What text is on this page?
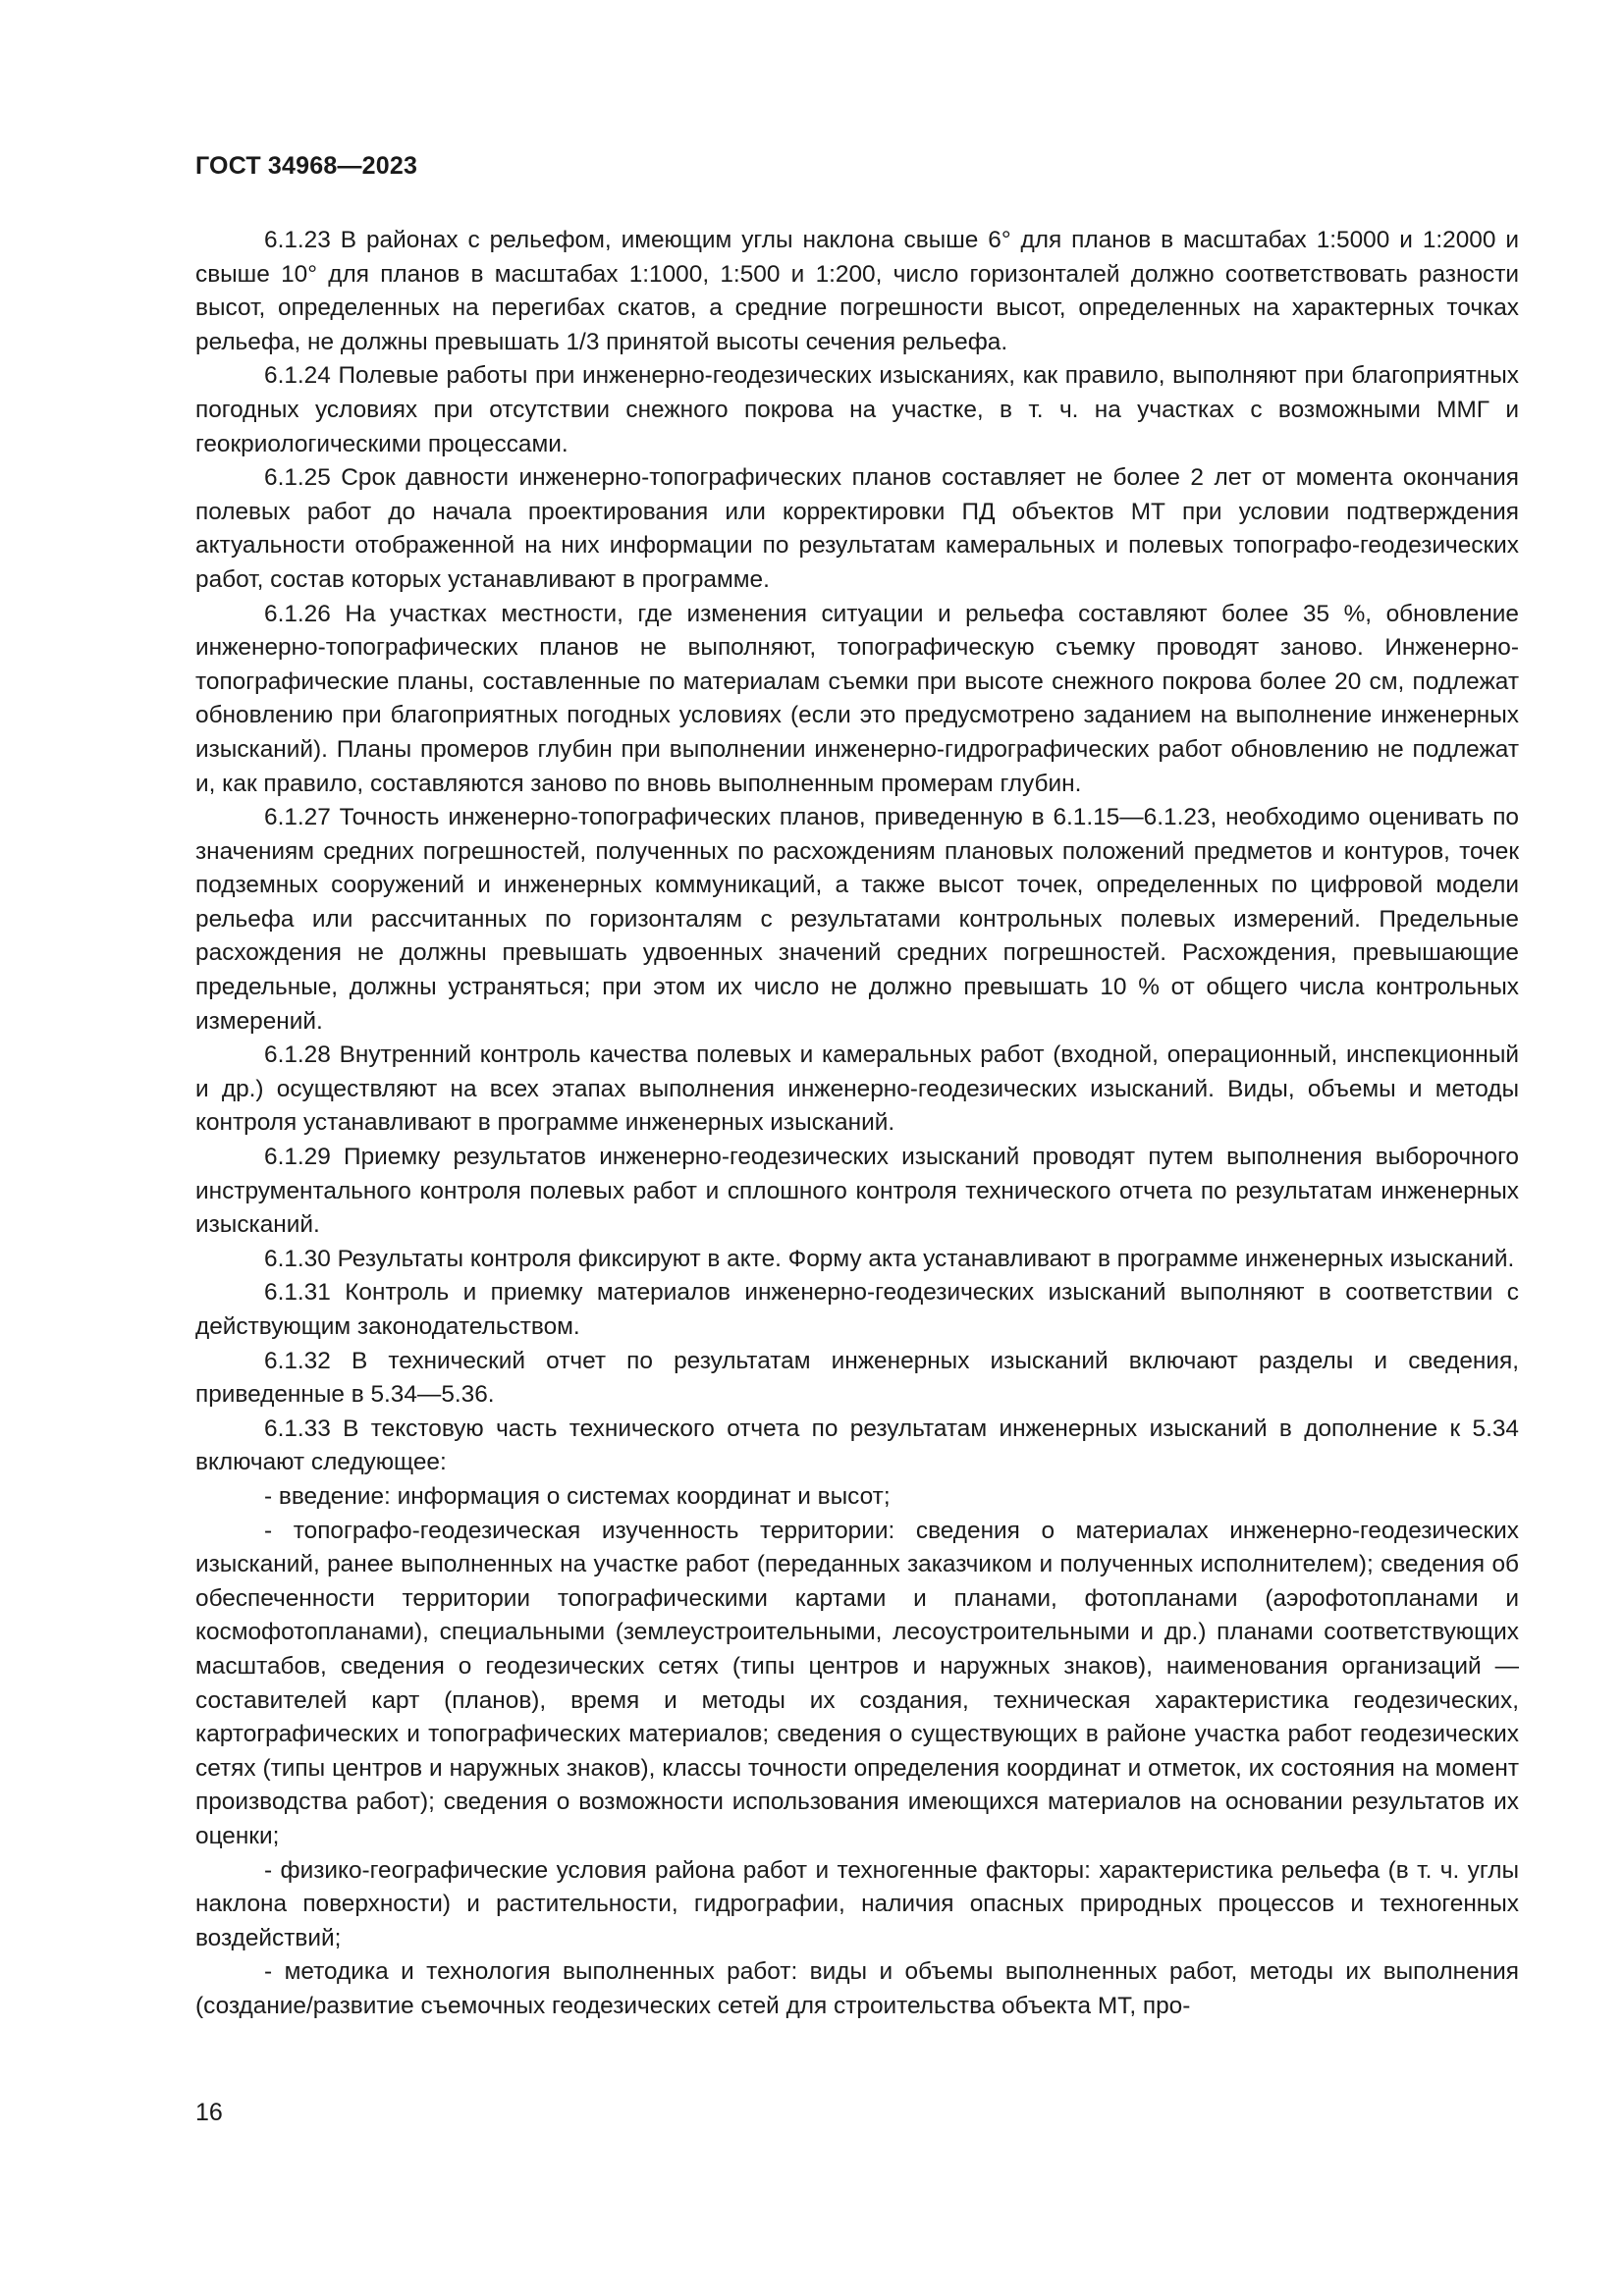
ГОСТ 34968—2023

6.1.23 В районах с рельефом, имеющим углы наклона свыше 6° для планов в масштабах 1:5000 и 1:2000 и свыше 10° для планов в масштабах 1:1000, 1:500 и 1:200, число горизонталей должно соответствовать разности высот, определенных на перегибах скатов, а средние погрешности высот, определенных на характерных точках рельефа, не должны превышать 1/3 принятой высоты сечения рельефа.

6.1.24 Полевые работы при инженерно-геодезических изысканиях, как правило, выполняют при благоприятных погодных условиях при отсутствии снежного покрова на участке, в т. ч. на участках с возможными ММГ и геокриологическими процессами.

6.1.25 Срок давности инженерно-топографических планов составляет не более 2 лет от момента окончания полевых работ до начала проектирования или корректировки ПД объектов МТ при условии подтверждения актуальности отображенной на них информации по результатам камеральных и полевых топографо-геодезических работ, состав которых устанавливают в программе.

6.1.26 На участках местности, где изменения ситуации и рельефа составляют более 35 %, обновление инженерно-топографических планов не выполняют, топографическую съемку проводят заново. Инженерно-топографические планы, составленные по материалам съемки при высоте снежного покрова более 20 см, подлежат обновлению при благоприятных погодных условиях (если это предусмотрено заданием на выполнение инженерных изысканий). Планы промеров глубин при выполнении инженерно-гидрографических работ обновлению не подлежат и, как правило, составляются заново по вновь выполненным промерам глубин.

6.1.27 Точность инженерно-топографических планов, приведенную в 6.1.15—6.1.23, необходимо оценивать по значениям средних погрешностей, полученных по расхождениям плановых положений предметов и контуров, точек подземных сооружений и инженерных коммуникаций, а также высот точек, определенных по цифровой модели рельефа или рассчитанных по горизонталям с результатами контрольных полевых измерений. Предельные расхождения не должны превышать удвоенных значений средних погрешностей. Расхождения, превышающие предельные, должны устраняться; при этом их число не должно превышать 10 % от общего числа контрольных измерений.

6.1.28 Внутренний контроль качества полевых и камеральных работ (входной, операционный, инспекционный и др.) осуществляют на всех этапах выполнения инженерно-геодезических изысканий. Виды, объемы и методы контроля устанавливают в программе инженерных изысканий.

6.1.29 Приемку результатов инженерно-геодезических изысканий проводят путем выполнения выборочного инструментального контроля полевых работ и сплошного контроля технического отчета по результатам инженерных изысканий.

6.1.30 Результаты контроля фиксируют в акте. Форму акта устанавливают в программе инженерных изысканий.

6.1.31 Контроль и приемку материалов инженерно-геодезических изысканий выполняют в соответствии с действующим законодательством.

6.1.32 В технический отчет по результатам инженерных изысканий включают разделы и сведения, приведенные в 5.34—5.36.

6.1.33 В текстовую часть технического отчета по результатам инженерных изысканий в дополнение к 5.34 включают следующее:

- введение: информация о системах координат и высот;

- топографо-геодезическая изученность территории: сведения о материалах инженерно-геодезических изысканий, ранее выполненных на участке работ (переданных заказчиком и полученных исполнителем); сведения об обеспеченности территории топографическими картами и планами, фотопланами (аэрофотопланами и космофотопланами), специальными (землеустроительными, лесоустроительными и др.) планами соответствующих масштабов, сведения о геодезических сетях (типы центров и наружных знаков), наименования организаций — составителей карт (планов), время и методы их создания, техническая характеристика геодезических, картографических и топографических материалов; сведения о существующих в районе участка работ геодезических сетях (типы центров и наружных знаков), классы точности определения координат и отметок, их состояния на момент производства работ); сведения о возможности использования имеющихся материалов на основании результатов их оценки;

- физико-географические условия района работ и техногенные факторы: характеристика рельефа (в т. ч. углы наклона поверхности) и растительности, гидрографии, наличия опасных природных процессов и техногенных воздействий;

- методика и технология выполненных работ: виды и объемы выполненных работ, методы их выполнения (создание/развитие съемочных геодезических сетей для строительства объекта МТ, про-

16
